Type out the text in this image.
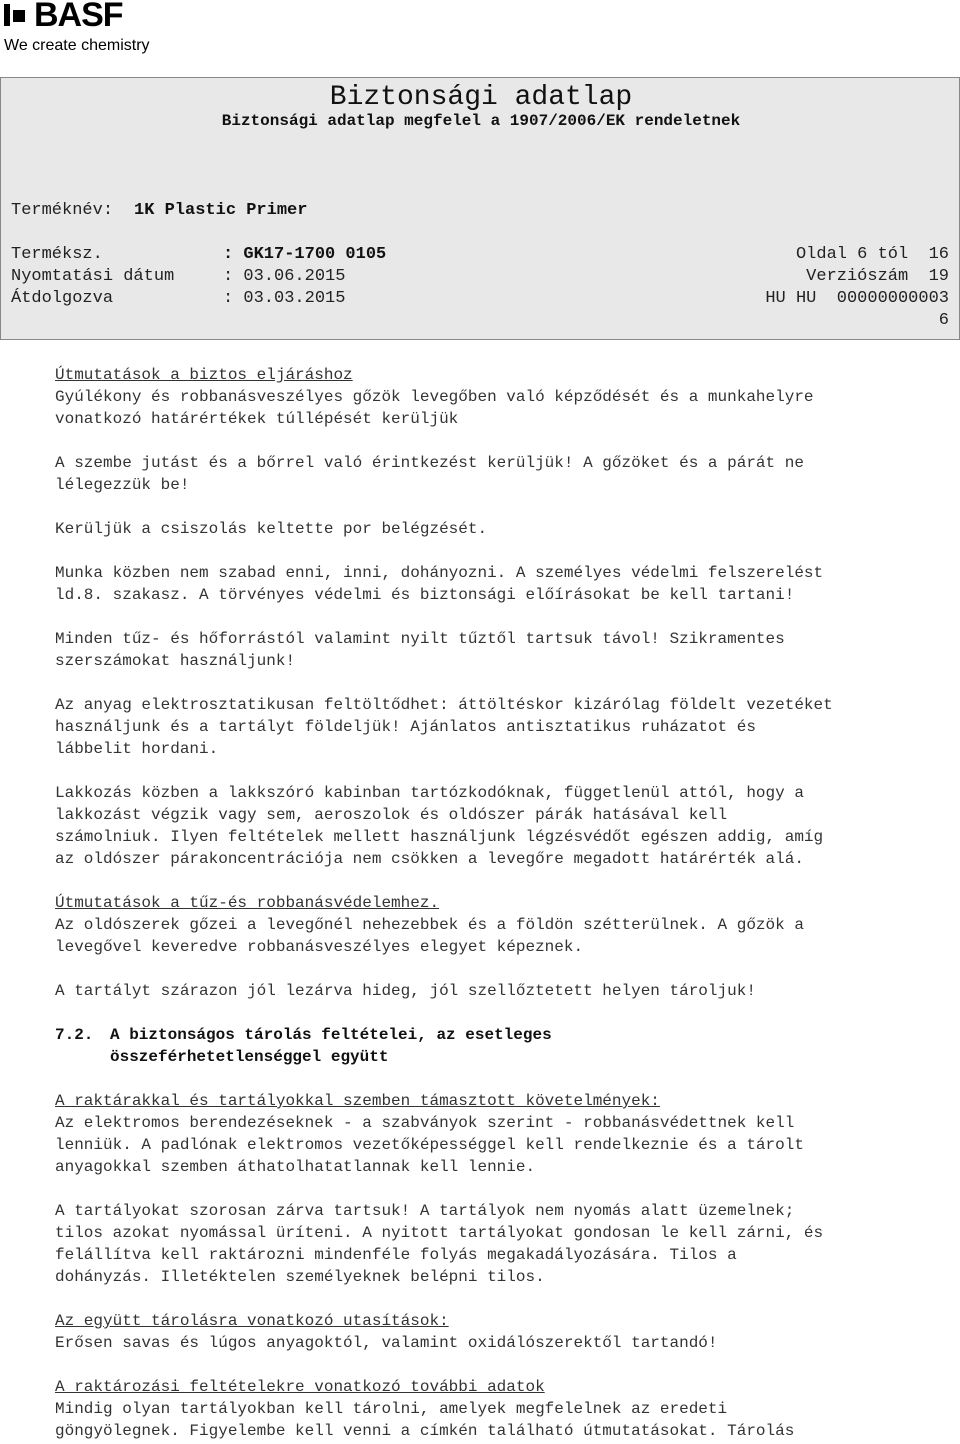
BASF
We create chemistry
Biztonsági adatlap
Biztonsági adatlap megfelel a 1907/2006/EK rendeletnek
Terméknév: 1K Plastic Primer
Terméksz.	: GK17-1700 0105
Nyomtatási dátum	: 03.06.2015
Átdolgozva	: 03.03.2015
Oldal 6 tól  16
Verziószám  19
HU HU  00000000003
6

Útmutatások a biztos eljáráshoz

Gyúlékony és robbanásveszélyes gőzök levegőben való képződését és a munkahelyre

vonatkozó határértékek túllépését kerüljük

A szembe jutást és a bőrrel való érintkezést kerüljük! A gőzöket és a párát ne

lélegezzük be!

Kerüljük a csiszolás keltette por belégzését.

Munka közben nem szabad enni, inni, dohányozni. A személyes védelmi felszerelést

ld.8. szakasz. A törvényes védelmi és biztonsági előírásokat be kell tartani!

Minden tűz- és hőforrástól valamint nyilt tűztől tartsuk távol! Szikramentes

szerszámokat használjunk!

Az anyag elektrosztatikusan feltöltődhet: áttöltéskor kizárólag földelt vezetéket

használjunk és a tartályt földeljük! Ajánlatos antisztatikus ruházatot és

lábbelit hordani.

Lakkozás közben a lakkszóró kabinban tartózkodóknak, függetlenül attól, hogy a

lakkozást végzik vagy sem, aeroszolok és oldószer párák hatásával kell

számolniuk. Ilyen feltételek mellett használjunk légzésvédőt egészen addig, amíg

az oldószer párakoncentrációja nem csökken a levegőre megadott határérték alá.

Útmutatások a tűz-és robbanásvédelemhez.

Az oldószerek gőzei a levegőnél nehezebbek és a földön szétterülnek. A gőzök a

levegővel keveredve robbanásveszélyes elegyet képeznek.

A tartályt szárazon jól lezárva hideg, jól szellőztetett helyen tároljuk!

7.2.	A biztonságos tárolás feltételei, az esetleges
összeférhetetlenséggel együtt

A raktárakkal és tartályokkal szemben támasztott követelmények:

Az elektromos berendezéseknek - a szabványok szerint - robbanásvédettnek kell

lenniük. A padlónak elektromos vezetőképességgel kell rendelkeznie és a tárolt

anyagokkal szemben áthatolhatatlannak kell lennie.

A tartályokat szorosan zárva tartsuk! A tartályok nem nyomás alatt üzemelnek;

tilos azokat nyomással üríteni. A nyitott tartályokat gondosan le kell zárni, és

felállítva kell raktározni mindenféle folyás megakadályozására. Tilos a

dohányzás. Illetéktelen személyeknek belépni tilos.

Az együtt tárolásra vonatkozó utasítások:

Erősen savas és lúgos anyagoktól, valamint oxidálószerektől tartandó!

A raktározási feltételekre vonatkozó további adatok

Mindig olyan tartályokban kell tárolni, amelyek megfelelnek az eredeti

göngyölegnek. Figyelembe kell venni a címkén található útmutatásokat. Tárolás
